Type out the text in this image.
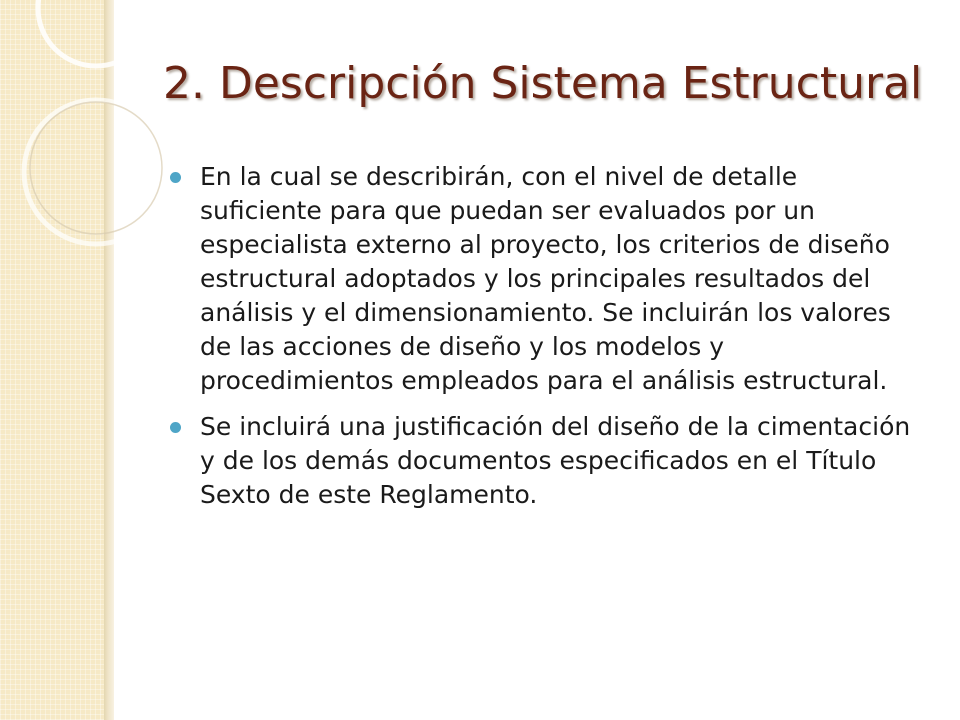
2. Descripción Sistema Estructural
En la cual se describirán, con el nivel de detalle suficiente para que puedan ser evaluados por un especialista externo al proyecto, los criterios de diseño estructural adoptados y los principales resultados del análisis y el dimensionamiento. Se incluirán los valores de las acciones de diseño y los modelos y procedimientos empleados para el análisis estructural.
Se incluirá una justificación del diseño de la cimentación y de los demás documentos especificados en el Título Sexto de este Reglamento.
